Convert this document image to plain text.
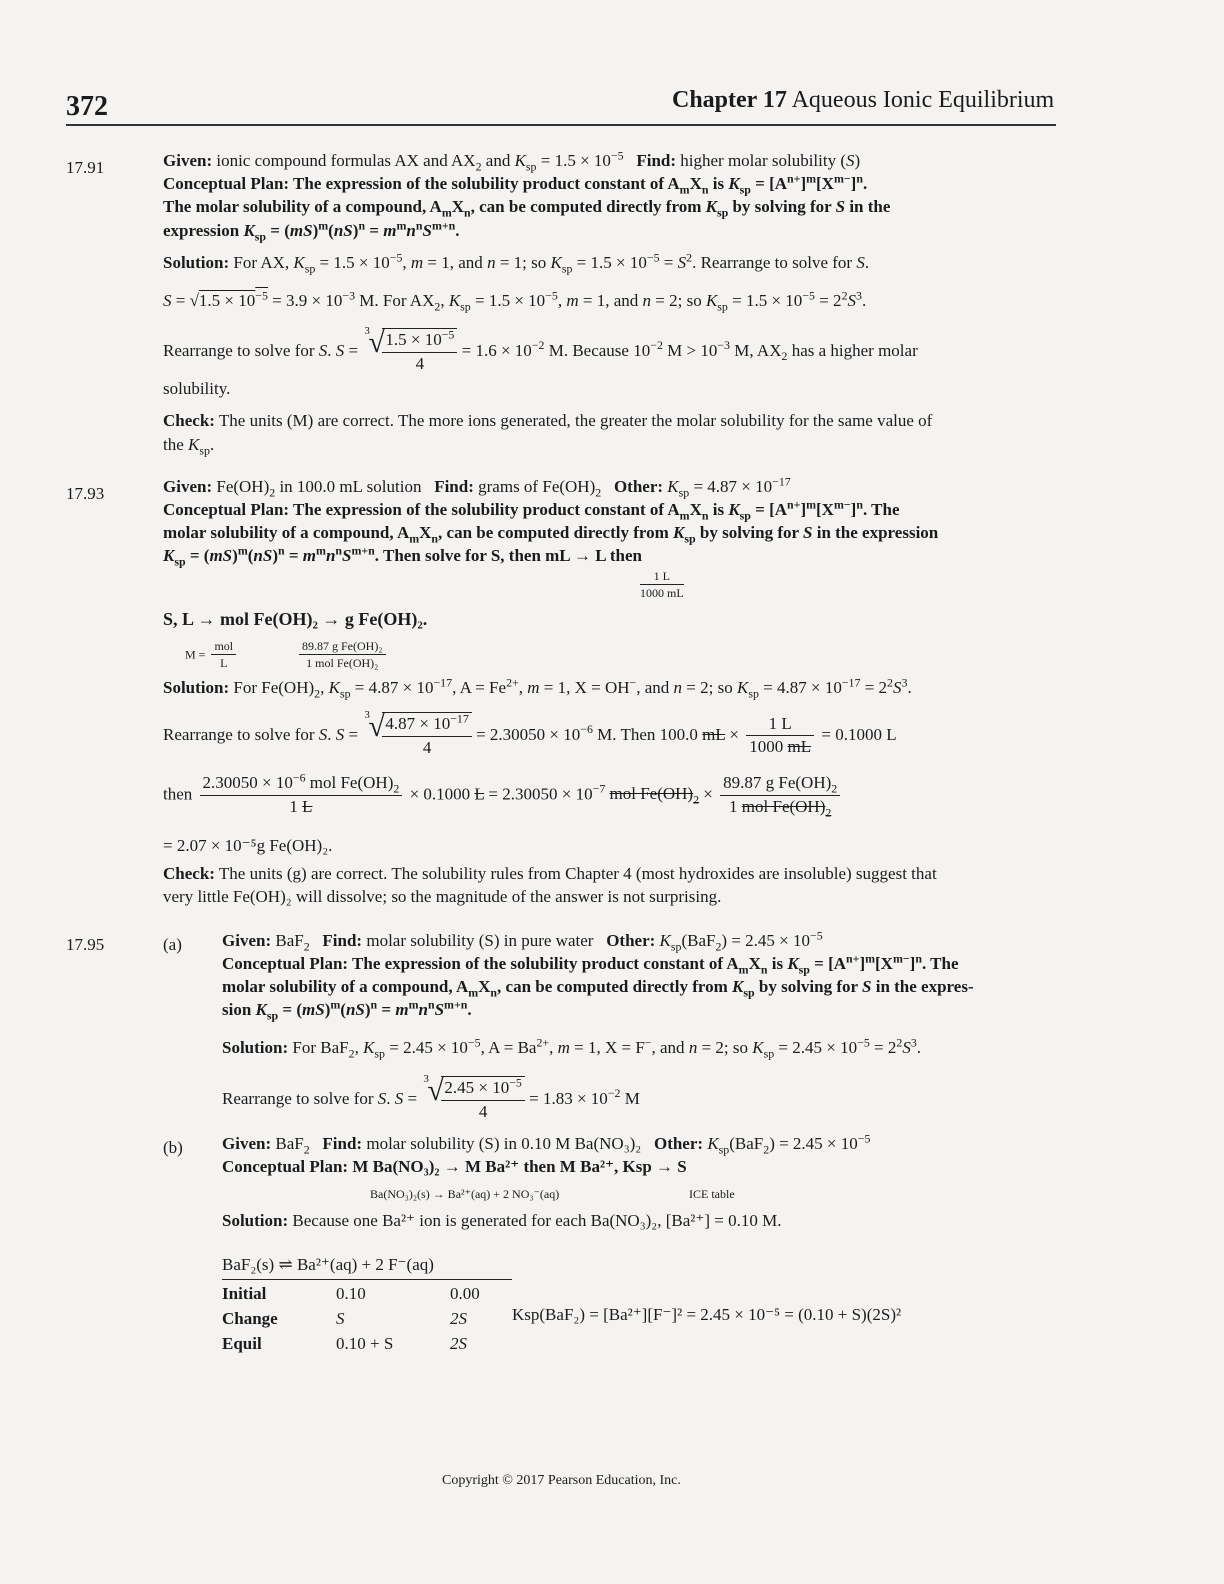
372	Chapter 17 Aqueous Ionic Equilibrium
17.91	Given: ionic compound formulas AX and $AX_2$ and $K_{sp} = 1.5 \times 10^{-5}$ Find: higher molar solubility (S)
Conceptual Plan: The expression of the solubility product constant of $A_mX_n$ is $K_{sp} = [A^{n+}]^m[X^{m-}]^n$.
The molar solubility of a compound, $A_mX_n$, can be computed directly from $K_{sp}$ by solving for S in the
expression $K_{sp} = (mS)^m(nS)^n = m^mn^nS^{m+n}$.
Solution: For AX, $K_{sp} = 1.5 \times 10^{-5}$, m = 1, and n = 1; so $K_{sp} = 1.5 \times 10^{-5} = S^2$. Rearrange to solve for S.
$S = √1.5 \times 10^{-5} = 3.9 \times 10^{-3}$ M. For $AX_2$, $K_{sp} = 1.5 \times 10^{-5}$, m = 1, and n = 2; so $K_{sp} = 1.5 \times 10^{-5} = 2^2S^3$.
Rearrange to solve for S. S =
3
√
$\frac{1.5 \times 10^{-5}}{4} = 1.6 \times 10^{-2}$ M. Because $10^{-2}$ $M > 10^{-3}$ M, $AX_2$ has a higher molar
solubility.
Check: The units (M) are correct. The more ions generated, the greater the molar solubility for the same value of
the $K_{sp}$.
17.93	Given: $Fe(OH)_2$ in 100.0 mL solution Find: grams of $Fe(OH)_2$ Other: $K_{sp} = 4.87 \times 10^{-17}$
Conceptual Plan: The expression of the solubility product constant of $A_mX_n$ is $K_{sp} = [A^{n+}]^m[X^{m-}]^n$. The
molar solubility of a compound, $A_mX_n$, can be computed directly from $K_{sp}$ by solving for S in the expression
$K_{sp} = (mS)^m(nS)^n = m^mn^nS^{m+n}$. Then solve for S, then mL → L then
$\frac{1 L}{1000 mL}$
S, L → mol Fe(OH)₂ → g Fe(OH)₂.
$M = \frac{\text{mol}}{L}$	$\frac{\text{89.87 g Fe(OH)₂}}{\text{1 mol Fe(OH)₂}}$
Solution: For $Fe(OH)_2$, $K_{sp} = 4.87 \times 10^{-17}$, $A = Fe^{2+}$, m = 1, X = OH−, and n = 2; so $K_{sp} = 4.87 \times 10^{-17} = 2^2S^3$.
Rearrange to solve for S. S =
3
√
$\frac{4.87 \times 10^{-17}}{4} = 2.30050 \times 10^{-6}$ M. Then 100.0 mL × $\frac{1 L}{1000 mL} = 0.1000$ L
then $\frac{2.30050 \times 10^{-6} mol Fe(OH)_2}{1 L} \times 0.1000$ $L = 2.30050 \times 10^{-7}$ mol $Fe(OH)_2 \times \frac{89.87 g Fe(OH)_2}{1 mol Fe(OH)_2}$
= 2.07 × 10⁻⁵g Fe(OH)₂.
Check: The units (g) are correct. The solubility rules from Chapter 4 (most hydroxides are insoluble) suggest that
very little Fe(OH)₂ will dissolve; so the magnitude of the answer is not surprising.
17.95	(a) Given: BaF$_2$ Find: molar solubility (S) in pure water Other: $K_{sp}(BaF_2) = 2.45 \times 10^{-5}$
Conceptual Plan: The expression of the solubility product constant of $A_mX_n$ is $K_{sp} = [A^{n+}]^m[X^{m-}]^n$. The
molar solubility of a compound, $A_mX_n$, can be computed directly from $K_{sp}$ by solving for S in the expres-
sion $K_{sp} = (mS)^m(nS)^n = m^mn^nS^{m+n}$.
Solution: For BaF$_2$, $K_{sp} = 2.45 \times 10^{-5}$, $A = Ba^{2+}$, m = 1, X = F−, and n = 2; so $K_{sp} = 2.45 \times 10^{-5} = 2^2S^3$.
Rearrange to solve for S. S =
3
√
$\frac{2.45 \times 10^{-5}}{4} = 1.83 \times 10^{-2}$ M
(b) Given: BaF$_2$ Find: molar solubility (S) in 0.10 M Ba(NO₃)₂ Other: $K_{sp}(BaF_2) = 2.45 \times 10^{-5}$
Conceptual Plan: M Ba(NO₃)₂ → M Ba²⁺ then M Ba²⁺, Ksp → S
Ba(NO₃)₂(s) → Ba²⁺(aq) + 2 NO₃⁻(aq)	ICE table
Solution: Because one Ba²⁺ ion is generated for each Ba(NO₃)₂, [Ba²⁺] = 0.10 M.
BaF₂(s) ⇌ Ba²⁺(aq) + 2 F⁻(aq)
Initial	0.10	0.00
Change	S	2S
Equil	0.10 + S	2S
Ksp(BaF₂) = [Ba²⁺][F⁻]² = 2.45 × 10⁻⁵ = (0.10 + S)(2S)²
Copyright © 2017 Pearson Education, Inc.
